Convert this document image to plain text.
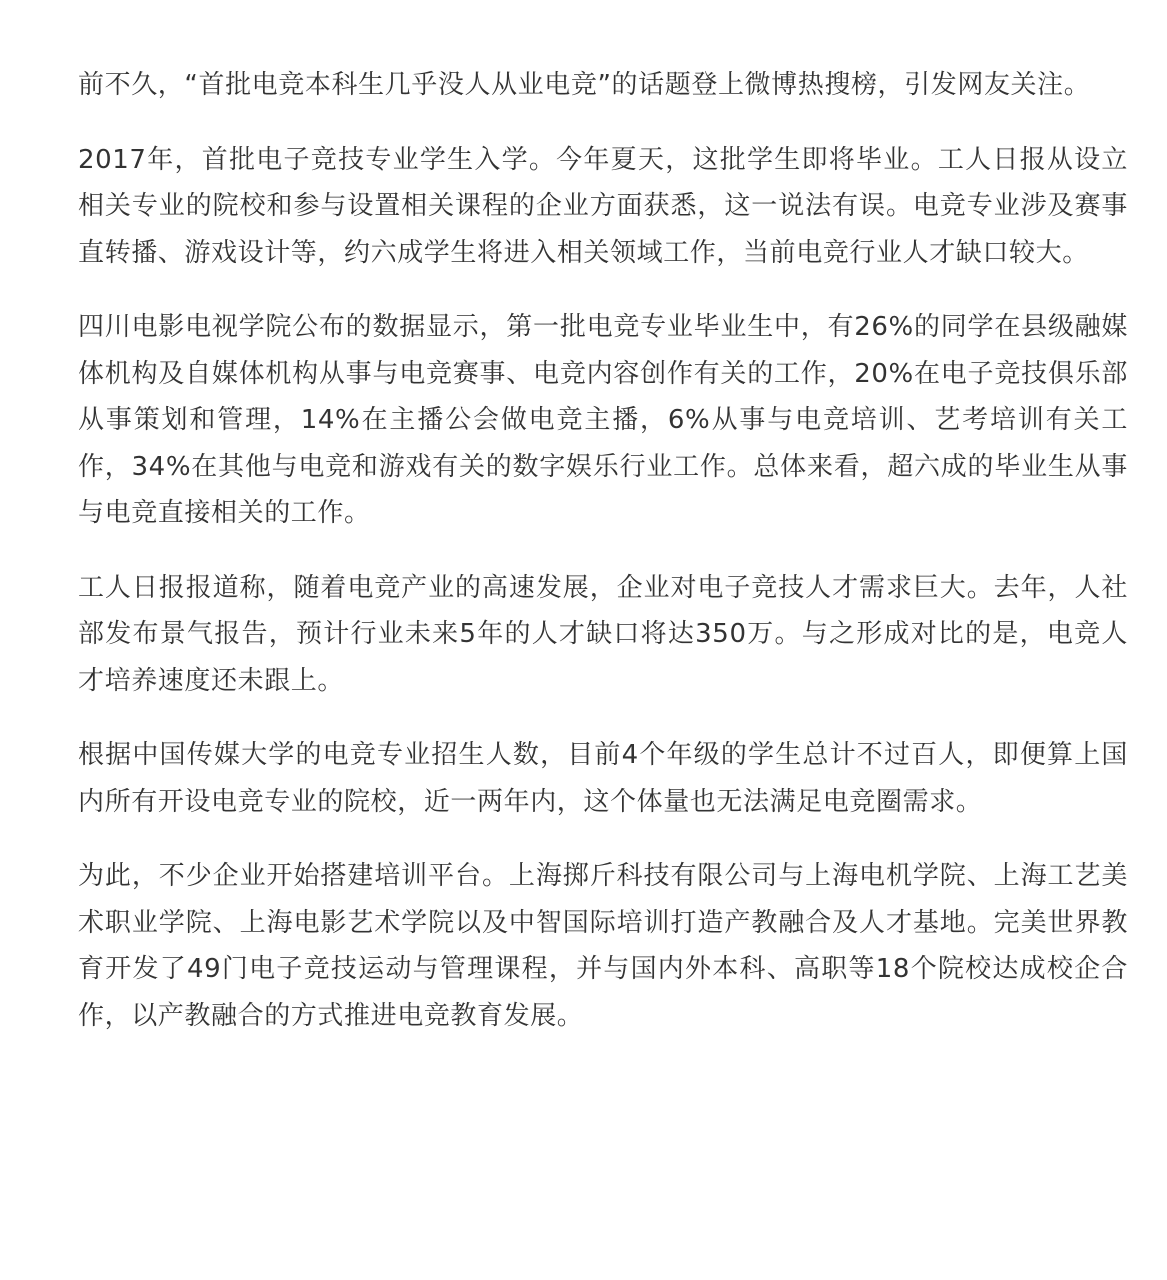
前不久，“首批电竞本科生几乎没人从业电竞”的话题登上微博热搜榜，引发网友关注。

2017年，首批电子竞技专业学生入学。今年夏天，这批学生即将毕业。工人日报从设立相关专业的院校和参与设置相关课程的企业方面获悉，这一说法有误。电竞专业涉及赛事直转播、游戏设计等，约六成学生将进入相关领域工作，当前电竞行业人才缺口较大。

四川电影电视学院公布的数据显示，第一批电竞专业毕业生中，有26%的同学在县级融媒体机构及自媒体机构从事与电竞赛事、电竞内容创作有关的工作，20%在电子竞技俱乐部从事策划和管理，14%在主播公会做电竞主播，6%从事与电竞培训、艺考培训有关工作，34%在其他与电竞和游戏有关的数字娱乐行业工作。总体来看，超六成的毕业生从事与电竞直接相关的工作。

工人日报报道称，随着电竞产业的高速发展，企业对电子竞技人才需求巨大。去年，人社部发布景气报告，预计行业未来5年的人才缺口将达350万。与之形成对比的是，电竞人才培养速度还未跟上。

根据中国传媒大学的电竞专业招生人数，目前4个年级的学生总计不过百人，即便算上国内所有开设电竞专业的院校，近一两年内，这个体量也无法满足电竞圈需求。

为此，不少企业开始搭建培训平台。上海掷斤科技有限公司与上海电机学院、上海工艺美术职业学院、上海电影艺术学院以及中智国际培训打造产教融合及人才基地。完美世界教育开发了49门电子竞技运动与管理课程，并与国内外本科、高职等18个院校达成校企合作，以产教融合的方式推进电竞教育发展。
